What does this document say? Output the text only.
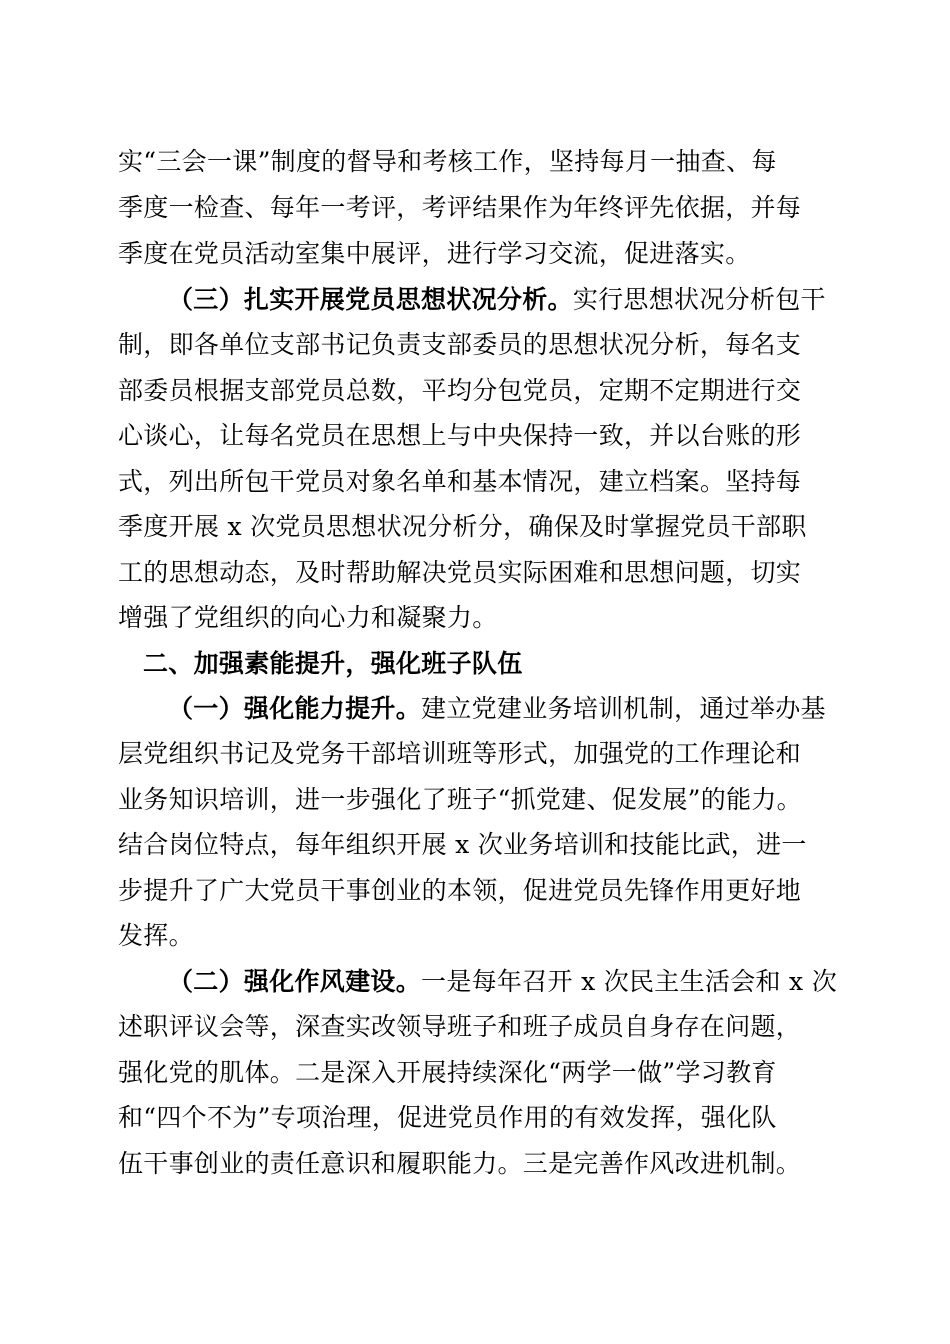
实“三会一课”制度的督导和考核工作，坚持每月一抽查、每
季度一检查、每年一考评，考评结果作为年终评先依据，并每
季度在党员活动室集中展评，进行学习交流，促进落实。
（三）扎实开展党员思想状况分析。实行思想状况分析包干
制，即各单位支部书记负责支部委员的思想状况分析，每名支
部委员根据支部党员总数，平均分包党员，定期不定期进行交
心谈心，让每名党员在思想上与中央保持一致，并以台账的形
式，列出所包干党员对象名单和基本情况，建立档案。坚持每
季度开展 x 次党员思想状况分析分，确保及时掌握党员干部职
工的思想动态，及时帮助解决党员实际困难和思想问题，切实
增强了党组织的向心力和凝聚力。
二、加强素能提升，强化班子队伍
（一）强化能力提升。建立党建业务培训机制，通过举办基
层党组织书记及党务干部培训班等形式，加强党的工作理论和
业务知识培训，进一步强化了班子“抓党建、促发展”的能力。
结合岗位特点，每年组织开展 x 次业务培训和技能比武，进一
步提升了广大党员干事创业的本领，促进党员先锋作用更好地
发挥。
（二）强化作风建设。一是每年召开 x 次民主生活会和 x 次
述职评议会等，深查实改领导班子和班子成员自身存在问题，
强化党的肌体。二是深入开展持续深化“两学一做”学习教育
和“四个不为”专项治理，促进党员作用的有效发挥，强化队
伍干事创业的责任意识和履职能力。三是完善作风改进机制。
